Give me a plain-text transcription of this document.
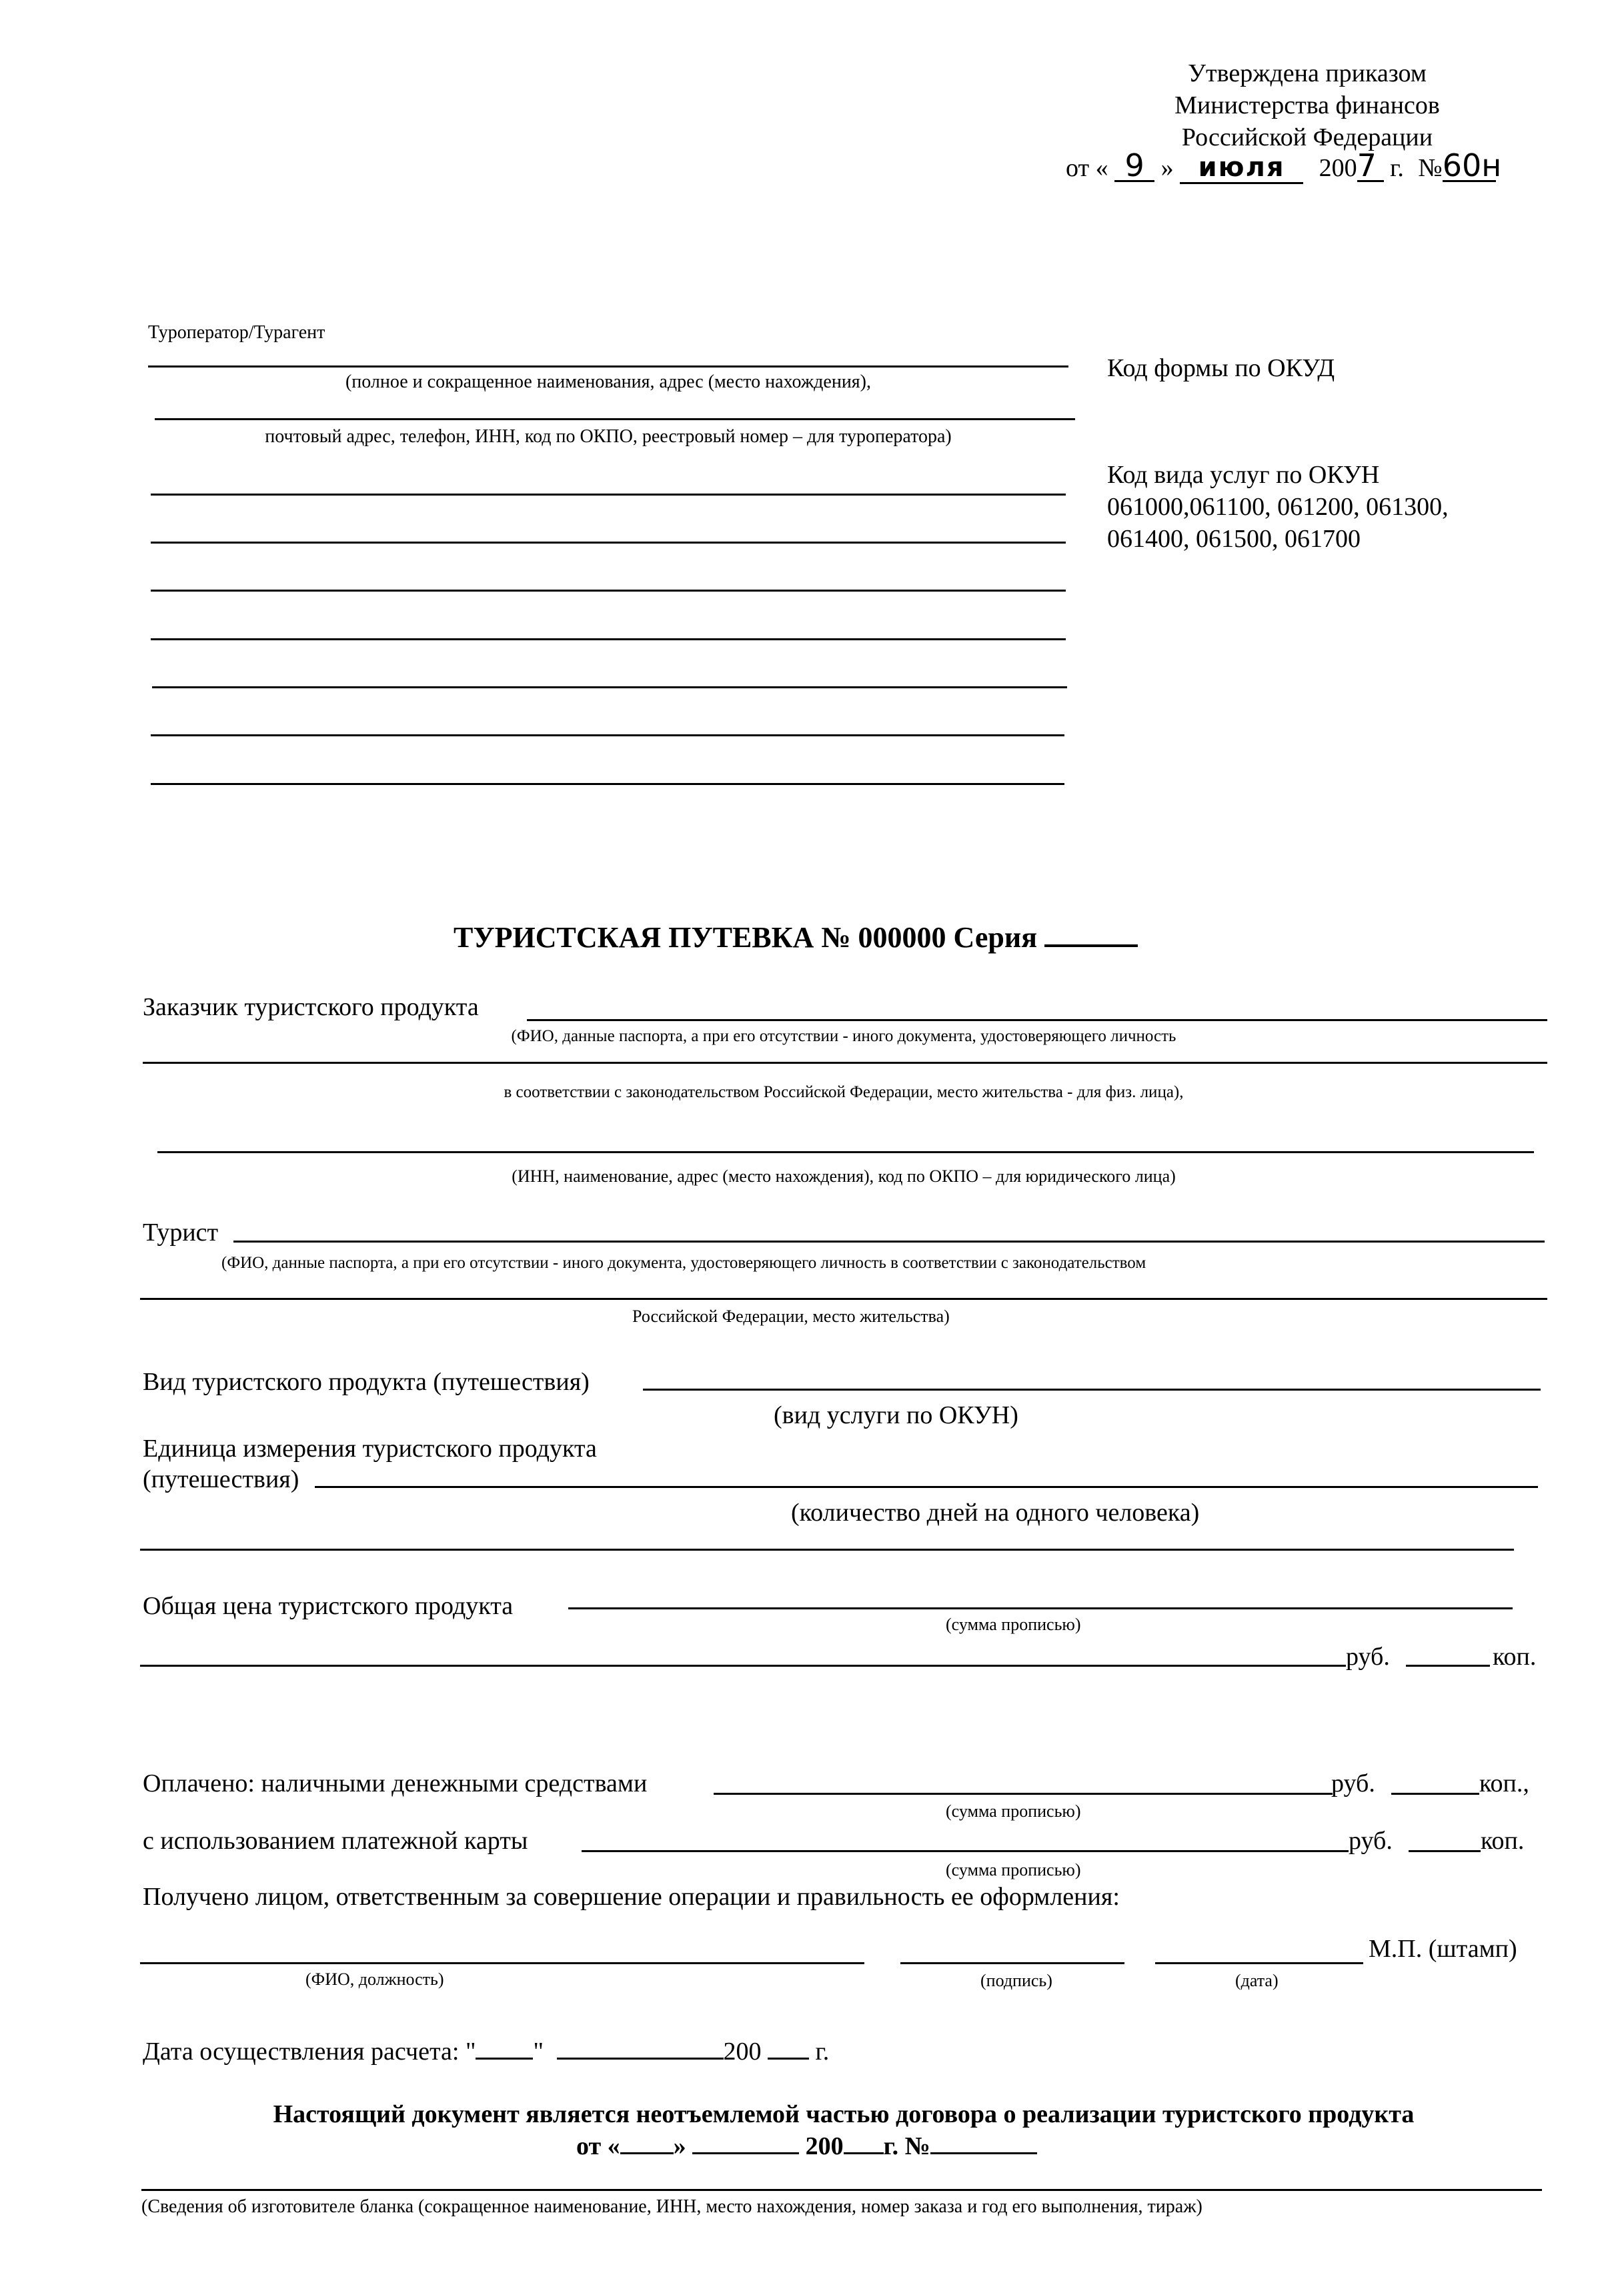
Утверждена приказом
Министерства финансов
Российской Федерации
от « 9 » июля 2007 г. №60н
Туроператор/Турагент
(полное и сокращенное наименования, адрес (место нахождения),
почтовый адрес, телефон, ИНН, код по ОКПО, реестровый номер – для туроператора)
Код формы по ОКУД
Код вида услуг по ОКУН
061000,061100, 061200, 061300,
061400, 061500, 061700
ТУРИСТСКАЯ ПУТЕВКА № 000000 Серия
Заказчик туристского продукта
(ФИО, данные паспорта, а при его отсутствии - иного документа, удостоверяющего личность
в соответствии с законодательством Российской Федерации, место жительства - для физ. лица),
(ИНН, наименование, адрес (место нахождения), код по ОКПО – для юридического лица)
Турист
(ФИО, данные паспорта, а при его отсутствии - иного документа, удостоверяющего личность в соответствии с законодательством
Российской Федерации, место жительства)
Вид туристского продукта (путешествия)
(вид услуги по ОКУН)
Единица измерения туристского продукта
(путешествия)
(количество дней на одного человека)
Общая цена туристского продукта
(сумма прописью)
руб.	коп.
Оплачено: наличными денежными средствами	руб.	коп.,
(сумма прописью)
с использованием платежной карты	руб.	коп.
(сумма прописью)
Получено лицом, ответственным за совершение операции и правильность ее оформления:
(ФИО, должность)	(подпись)	(дата)
М.П. (штамп)
Дата осуществления расчета: " "	200 г.
Настоящий документ является неотъемлемой частью договора о реализации туристского продукта
от « »	200 г. №
(Сведения об изготовителе бланка (сокращенное наименование, ИНН, место нахождения, номер заказа и год его выполнения, тираж)
